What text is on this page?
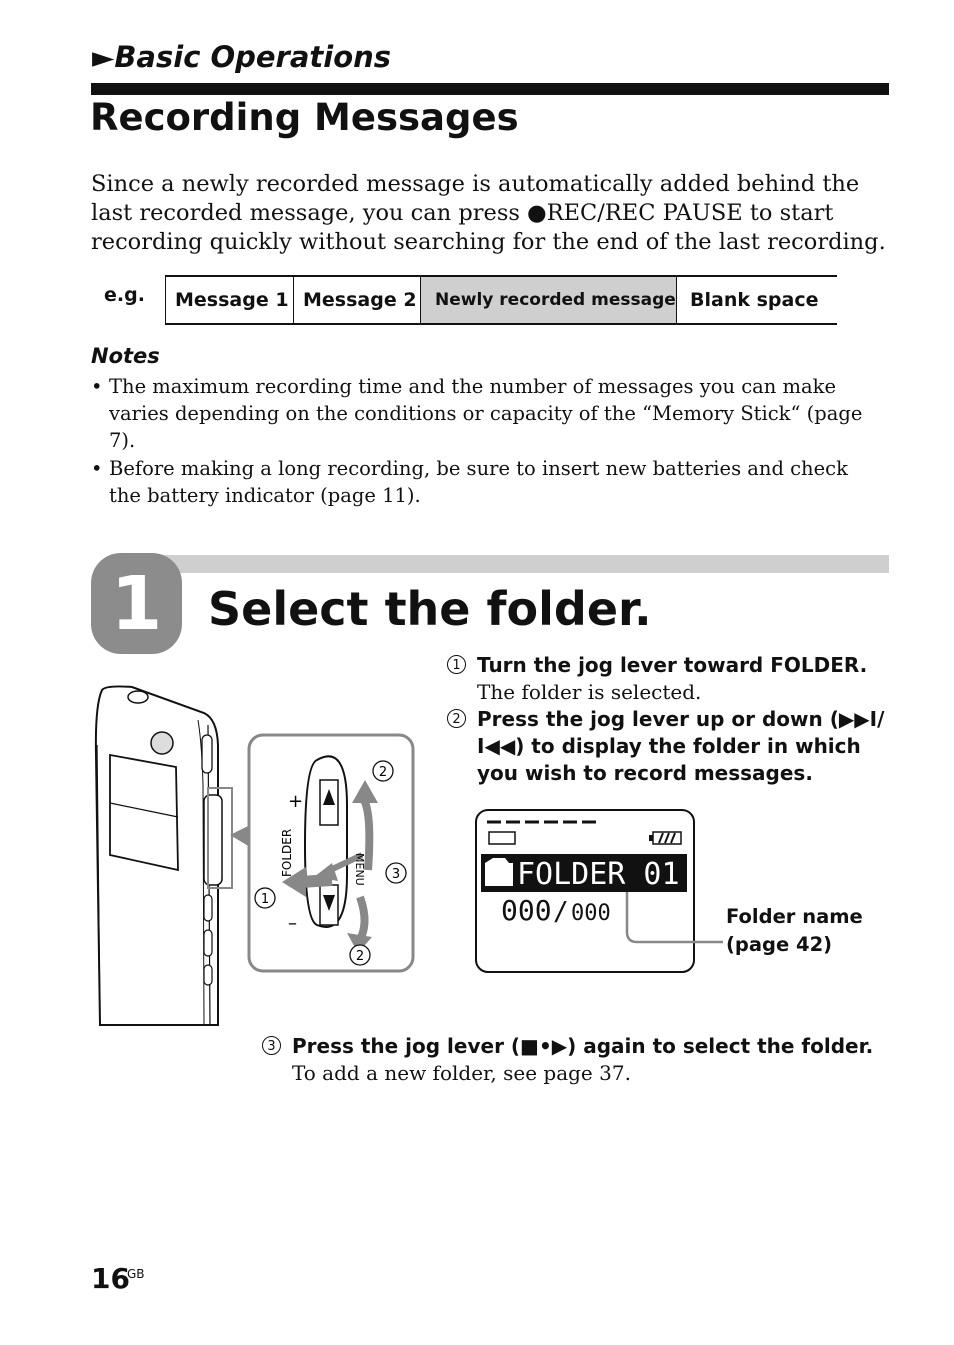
►Basic Operations
Recording Messages
Since a newly recorded message is automatically added behind the last recorded message, you can press ●REC/REC PAUSE to start recording quickly without searching for the end of the last recording.
e.g.	Message 1 Message 2	Newly recorded message Blank space
Notes
• The maximum recording time and the number of messages you can make varies depending on the conditions or capacity of the “Memory Stick“ (page 7).
• Before making a long recording, be sure to insert new batteries and check the battery indicator (page 11).
1 Select the folder.
1 Turn the jog lever toward FOLDER.
The folder is selected.
2 Press the jog lever up or down (▶▶I/ I◀◀) to display the folder in which you wish to record messages.
FOLDER	MENU
+
–
2
3
1
2
FOLDER 01
000 / 000	Folder name
(page 42)
3 Press the jog lever (■•▶) again to select the folder.
To add a new folder, see page 37.
16
GB
